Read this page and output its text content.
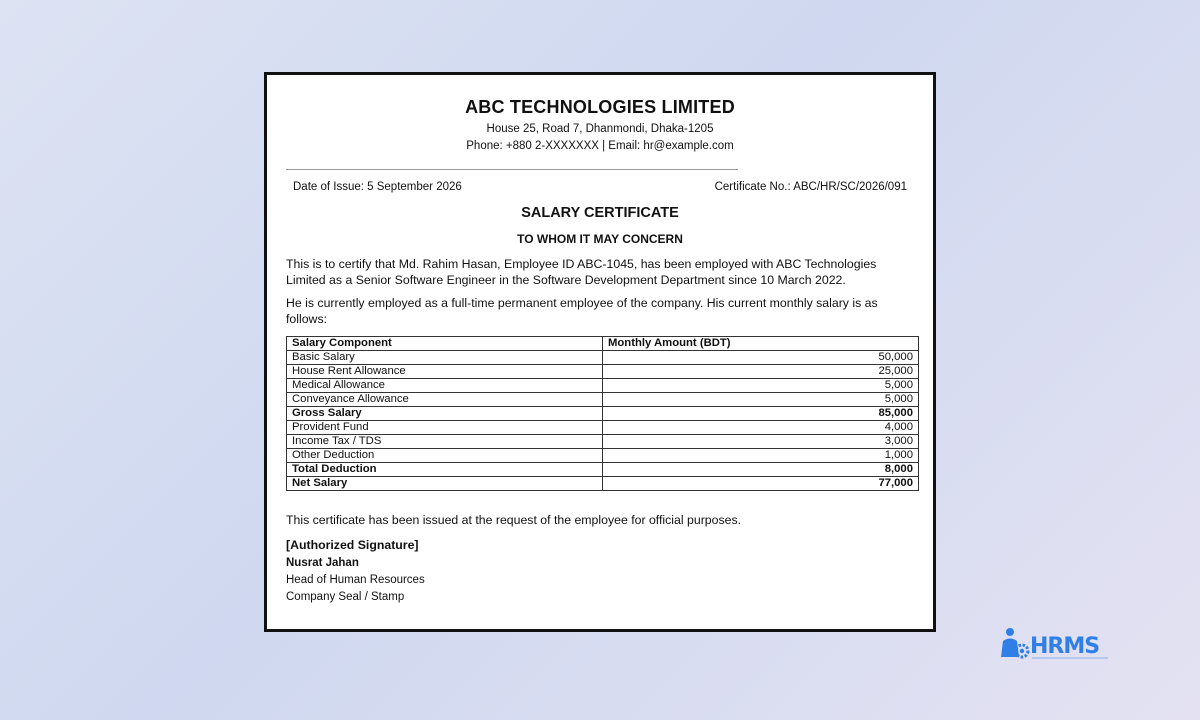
ABC TECHNOLOGIES LIMITED
House 25, Road 7, Dhanmondi, Dhaka-1205
Phone: +880 2-XXXXXXX | Email: hr@example.com
Date of Issue: 5 September 2026	Certificate No.: ABC/HR/SC/2026/091
SALARY CERTIFICATE
TO WHOM IT MAY CONCERN
This is to certify that Md. Rahim Hasan, Employee ID ABC-1045, has been employed with ABC Technologies Limited as a Senior Software Engineer in the Software Development Department since 10 March 2022.
He is currently employed as a full-time permanent employee of the company. His current monthly salary is as follows:
Salary Component	Monthly Amount (BDT)
Basic Salary	50,000
House Rent Allowance	25,000
Medical Allowance	5,000
Conveyance Allowance	5,000
Gross Salary	85,000
Provident Fund	4,000
Income Tax / TDS	3,000
Other Deduction	1,000
Total Deduction	8,000
Net Salary	77,000
This certificate has been issued at the request of the employee for official purposes.
[Authorized Signature]
Nusrat Jahan
Head of Human Resources
Company Seal / Stamp
HRMS
